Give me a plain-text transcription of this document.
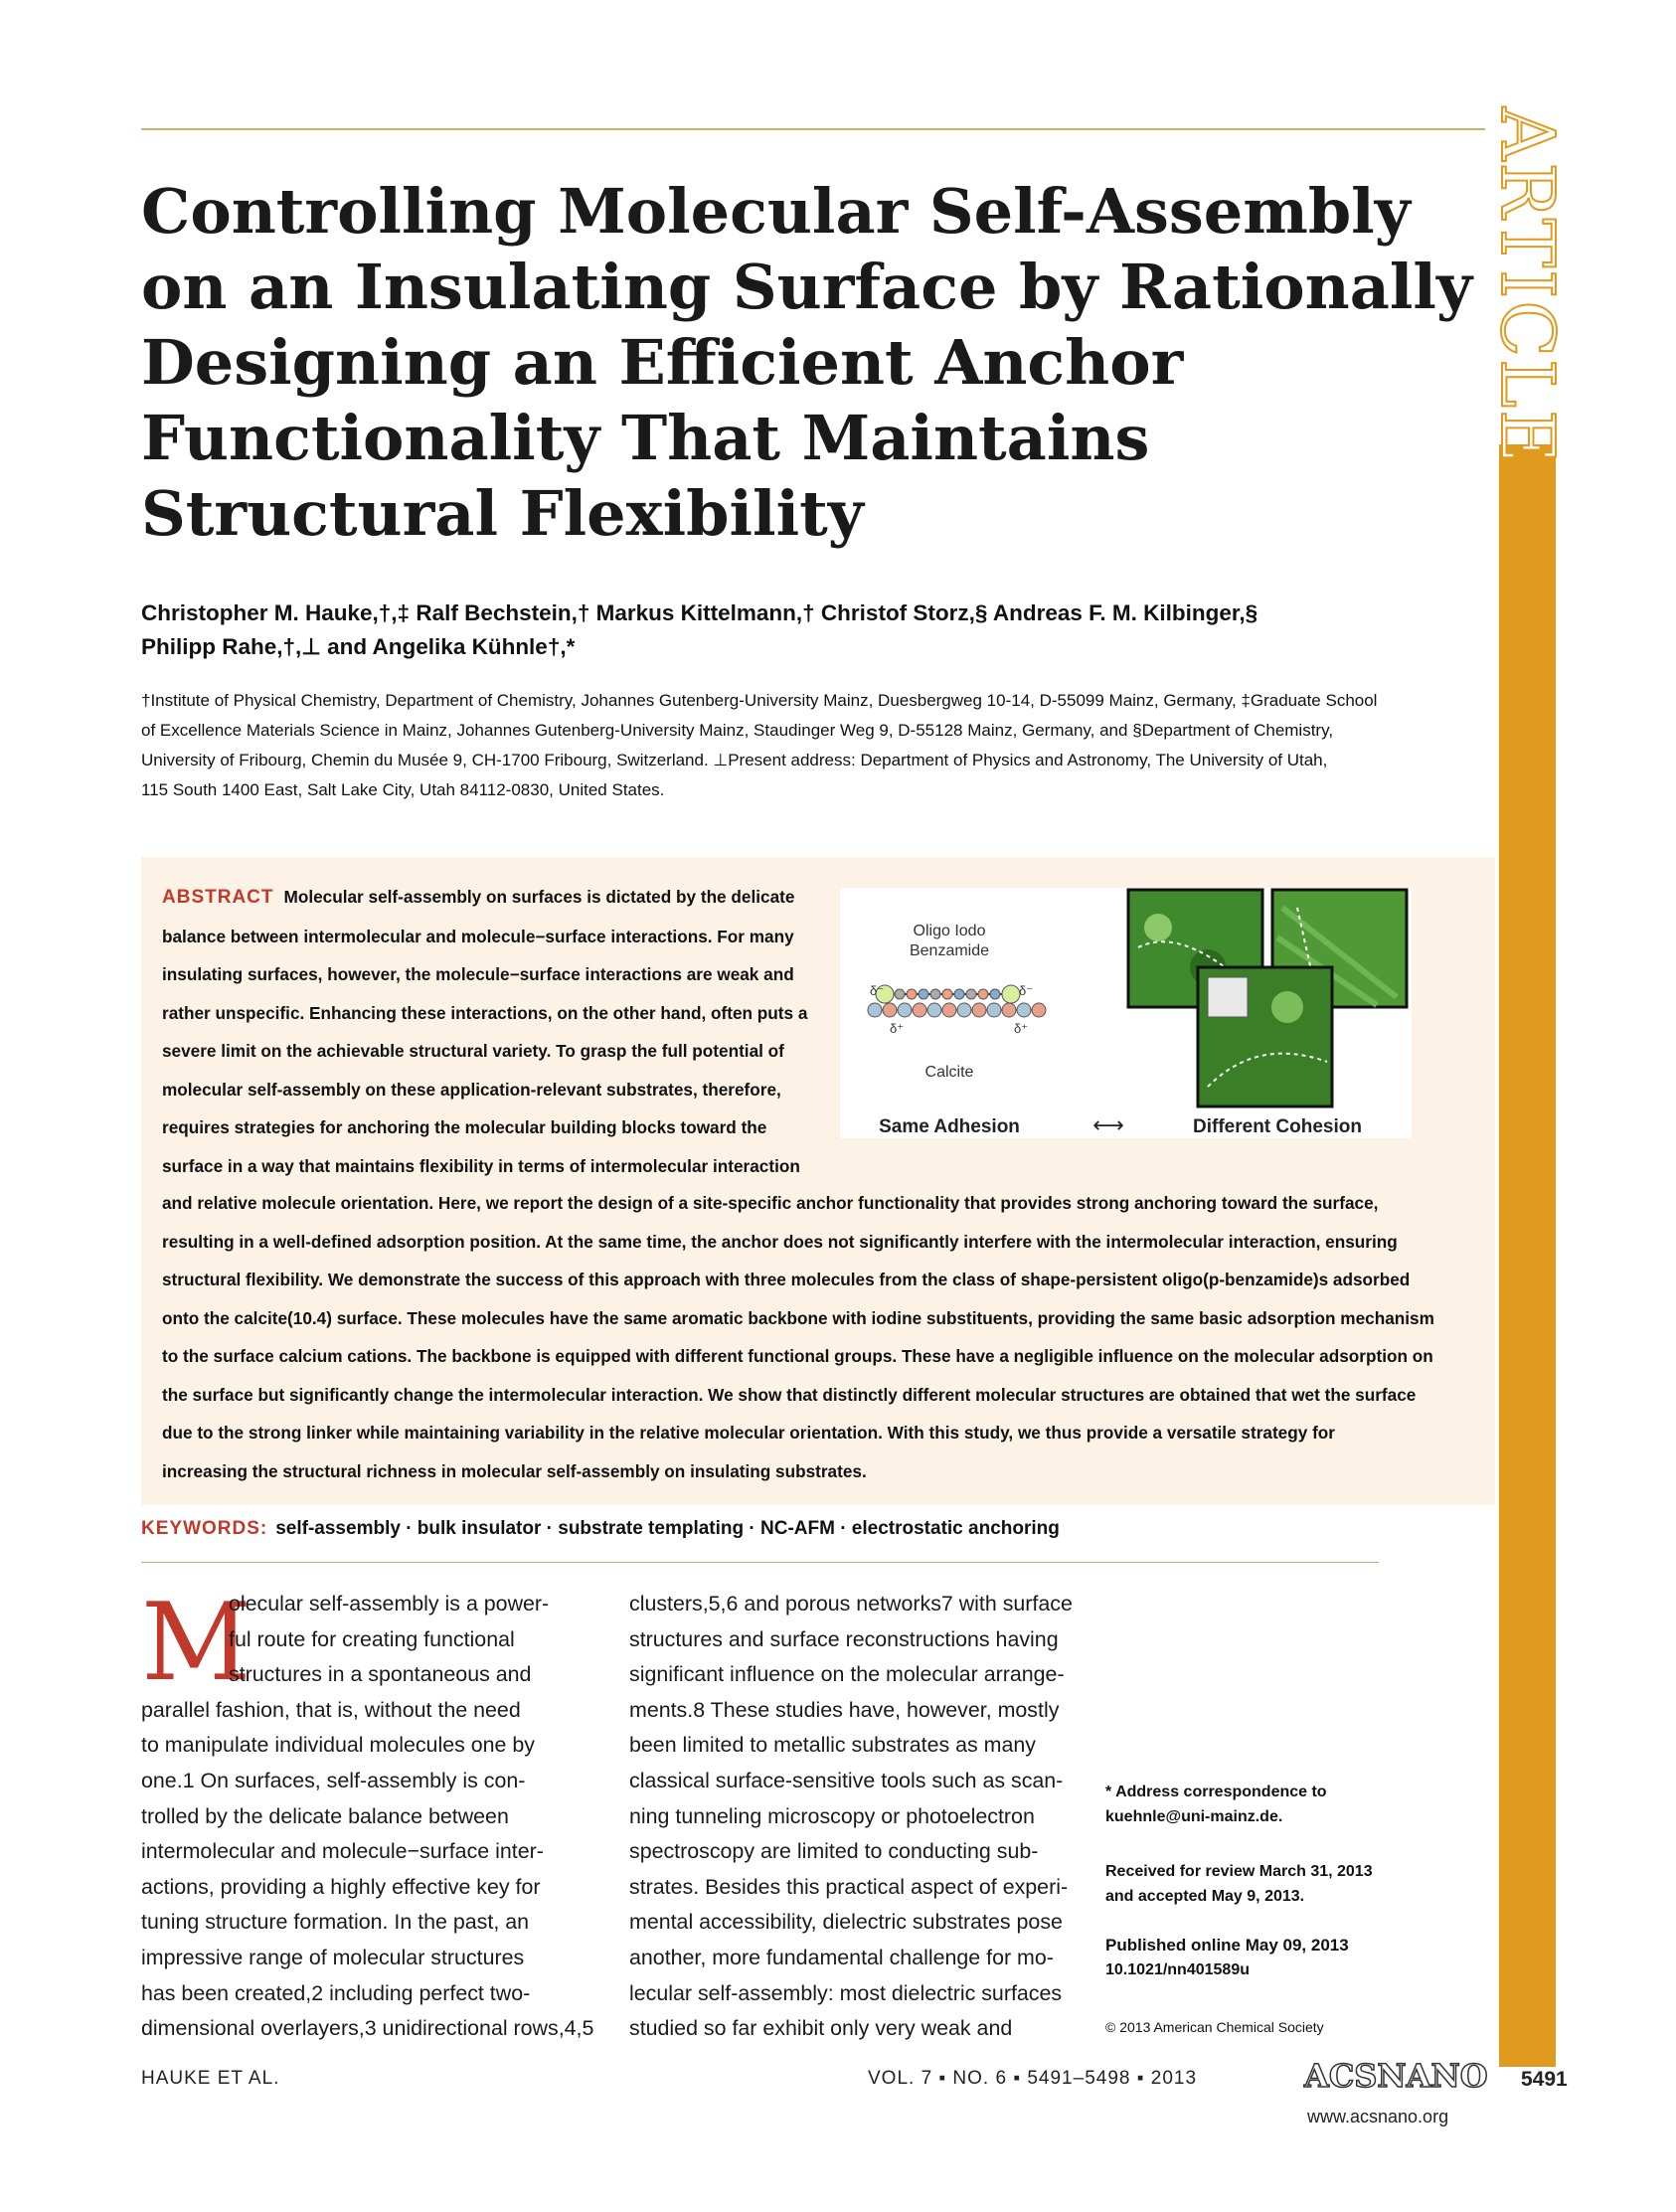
ARTICLE
Controlling Molecular Self-Assembly
on an Insulating Surface by Rationally
Designing an Efficient Anchor
Functionality That Maintains
Structural Flexibility
Christopher M. Hauke,†,‡ Ralf Bechstein,† Markus Kittelmann,† Christof Storz,§ Andreas F. M. Kilbinger,§
Philipp Rahe,†,⊥ and Angelika Kühnle†,*
†Institute of Physical Chemistry, Department of Chemistry, Johannes Gutenberg-University Mainz, Duesbergweg 10-14, D-55099 Mainz, Germany, ‡Graduate School
of Excellence Materials Science in Mainz, Johannes Gutenberg-University Mainz, Staudinger Weg 9, D-55128 Mainz, Germany, and §Department of Chemistry,
University of Fribourg, Chemin du Musée 9, CH-1700 Fribourg, Switzerland. ⊥Present address: Department of Physics and Astronomy, The University of Utah,
115 South 1400 East, Salt Lake City, Utah 84112-0830, United States.
ABSTRACT Molecular self-assembly on surfaces is dictated by the delicate
balance between intermolecular and molecule−surface interactions. For many
insulating surfaces, however, the molecule−surface interactions are weak and
rather unspecific. Enhancing these interactions, on the other hand, often puts a
severe limit on the achievable structural variety. To grasp the full potential of
molecular self-assembly on these application-relevant substrates, therefore,
requires strategies for anchoring the molecular building blocks toward the
surface in a way that maintains flexibility in terms of intermolecular interaction
and relative molecule orientation. Here, we report the design of a site-specific anchor functionality that provides strong anchoring toward the surface,
resulting in a well-defined adsorption position. At the same time, the anchor does not significantly interfere with the intermolecular interaction, ensuring
structural flexibility. We demonstrate the success of this approach with three molecules from the class of shape-persistent oligo(p-benzamide)s adsorbed
onto the calcite(10.4) surface. These molecules have the same aromatic backbone with iodine substituents, providing the same basic adsorption mechanism
to the surface calcium cations. The backbone is equipped with different functional groups. These have a negligible influence on the molecular adsorption on
the surface but significantly change the intermolecular interaction. We show that distinctly different molecular structures are obtained that wet the surface
due to the strong linker while maintaining variability in the relative molecular orientation. With this study, we thus provide a versatile strategy for
increasing the structural richness in molecular self-assembly on insulating substrates.
Oligo Iodo
Benzamide
δ⁻	δ⁻
δ⁺	δ⁺
Calcite
Same Adhesion	⟷	Different Cohesion
KEYWORDS: self-assembly · bulk insulator · substrate templating · NC-AFM · electrostatic anchoring
M
olecular self-assembly is a power-
ful route for creating functional
structures in a spontaneous and
parallel fashion, that is, without the need
to manipulate individual molecules one by
one.1 On surfaces, self-assembly is con-
trolled by the delicate balance between
intermolecular and molecule−surface inter-
actions, providing a highly effective key for
tuning structure formation. In the past, an
impressive range of molecular structures
has been created,2 including perfect two-
dimensional overlayers,3 unidirectional rows,4,5
clusters,5,6 and porous networks7 with surface
structures and surface reconstructions having
significant influence on the molecular arrange-
ments.8 These studies have, however, mostly
been limited to metallic substrates as many
classical surface-sensitive tools such as scan-
ning tunneling microscopy or photoelectron
spectroscopy are limited to conducting sub-
strates. Besides this practical aspect of experi-
mental accessibility, dielectric substrates pose
another, more fundamental challenge for mo-
lecular self-assembly: most dielectric surfaces
studied so far exhibit only very weak and
* Address correspondence to
kuehnle@uni-mainz.de.
Received for review March 31, 2013
and accepted May 9, 2013.
Published online May 09, 2013
10.1021/nn401589u
© 2013 American Chemical Society
HAUKE ET AL.	VOL. 7 ▪ NO. 6 ▪ 5491–5498 ▪ 2013	ACSNANO 5491
www.acsnano.org
